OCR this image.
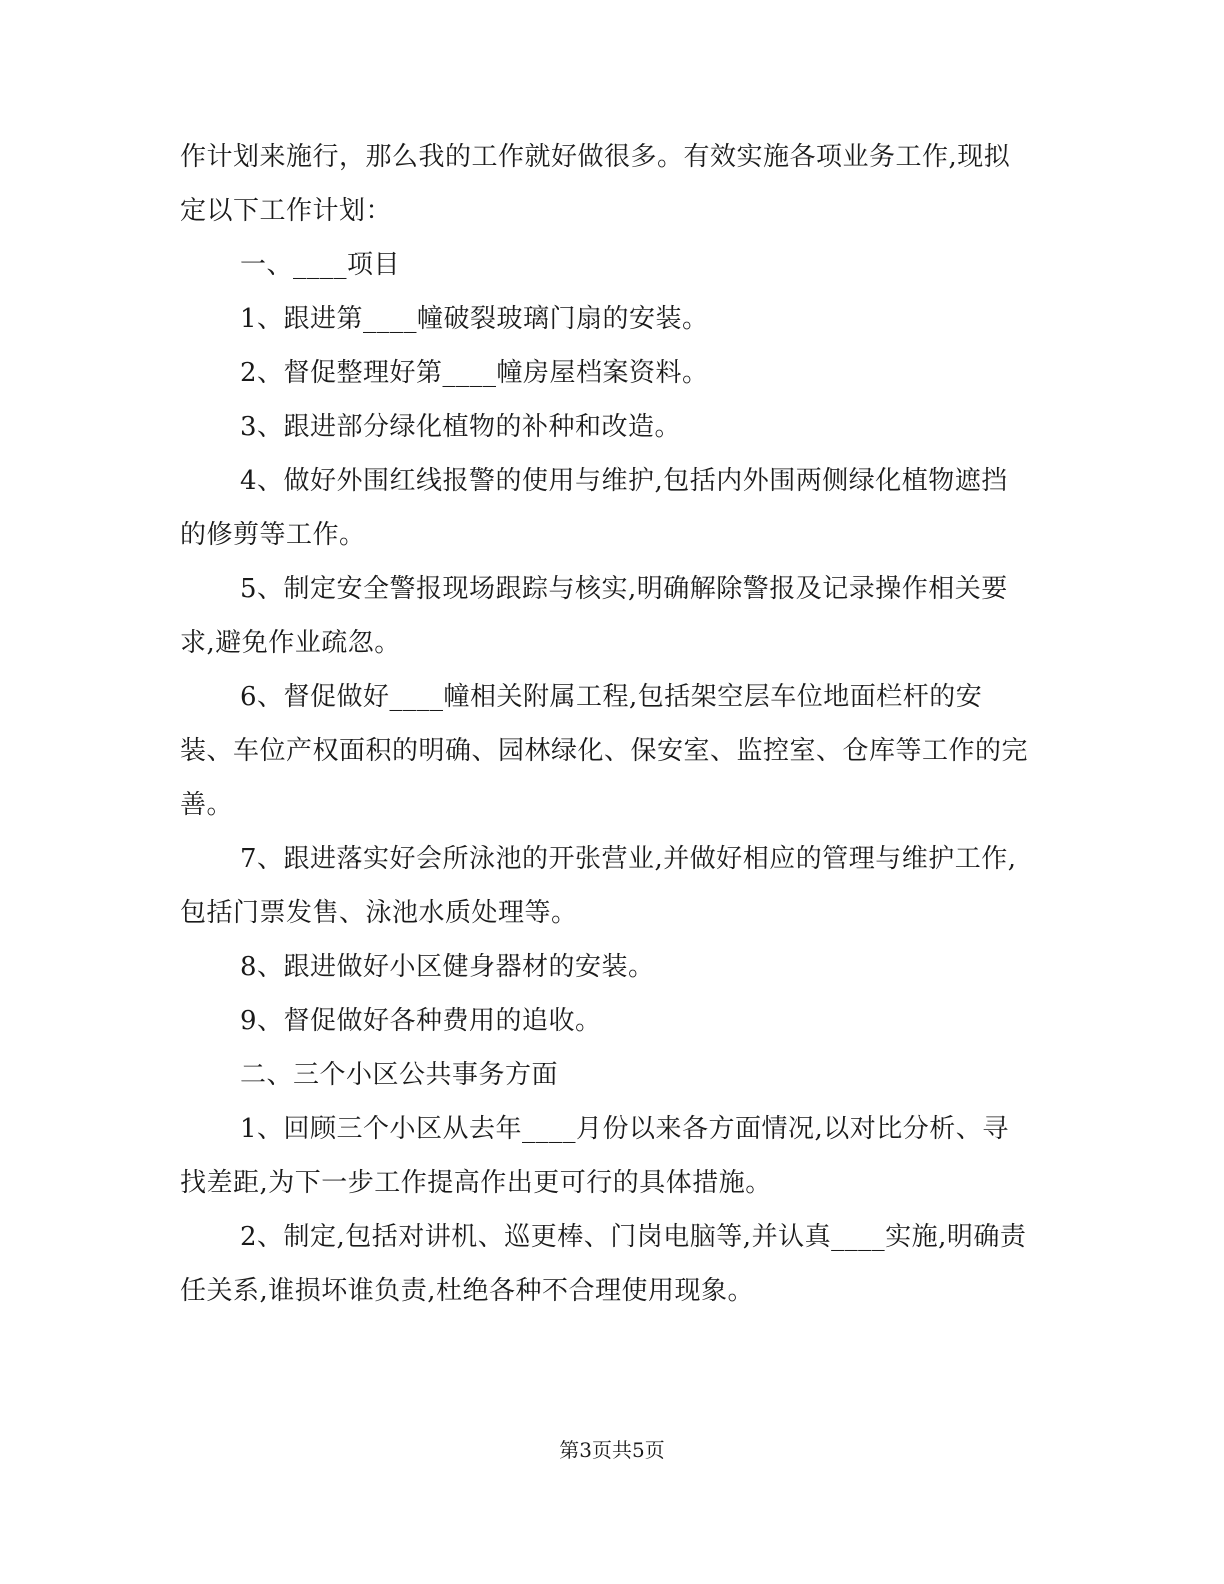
作计划来施行，那么我的工作就好做很多。有效实施各项业务工作,现拟定以下工作计划：

一、____项目

1、跟进第____幢破裂玻璃门扇的安装。

2、督促整理好第____幢房屋档案资料。

3、跟进部分绿化植物的补种和改造。

4、做好外围红线报警的使用与维护,包括内外围两侧绿化植物遮挡的修剪等工作。

5、制定安全警报现场跟踪与核实,明确解除警报及记录操作相关要求,避免作业疏忽。

6、督促做好____幢相关附属工程,包括架空层车位地面栏杆的安装、车位产权面积的明确、园林绿化、保安室、监控室、仓库等工作的完善。

7、跟进落实好会所泳池的开张营业,并做好相应的管理与维护工作,包括门票发售、泳池水质处理等。

8、跟进做好小区健身器材的安装。

9、督促做好各种费用的追收。

二、三个小区公共事务方面

1、回顾三个小区从去年____月份以来各方面情况,以对比分析、寻找差距,为下一步工作提高作出更可行的具体措施。

2、制定,包括对讲机、巡更棒、门岗电脑等,并认真____实施,明确责任关系,谁损坏谁负责,杜绝各种不合理使用现象。

第3页共5页
